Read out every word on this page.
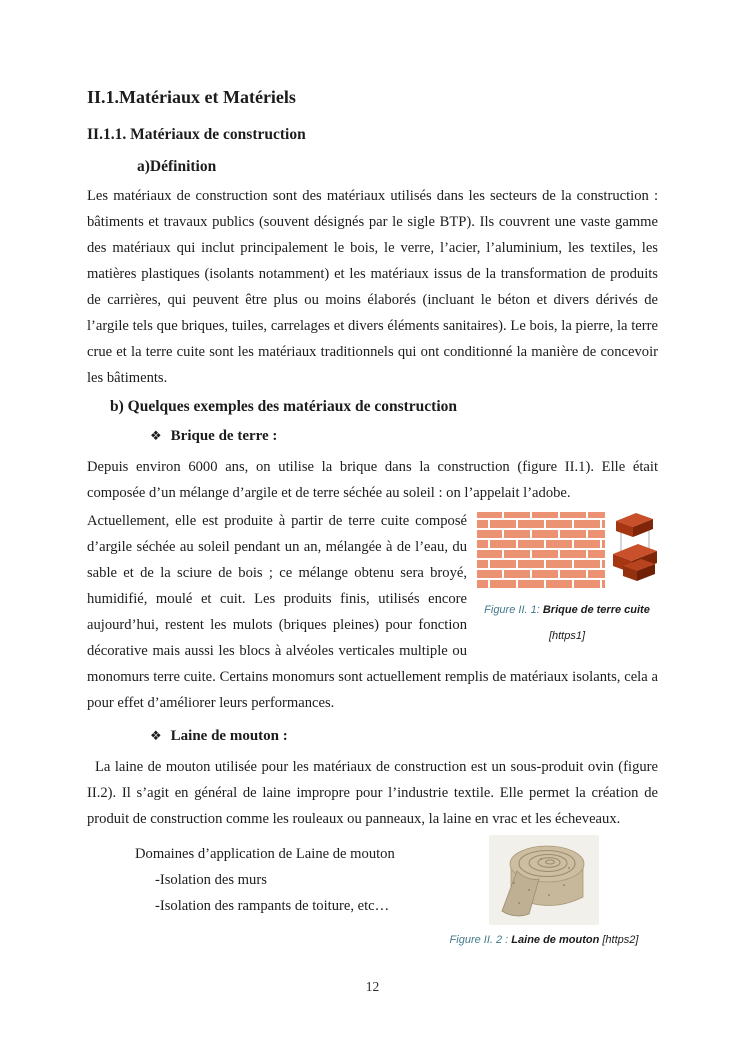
II.1.Matériaux et Matériels
II.1.1. Matériaux de construction
a)Définition

Les matériaux de construction sont des matériaux utilisés dans les secteurs de la construction : bâtiments et travaux publics (souvent désignés par le sigle BTP). Ils couvrent une vaste gamme des matériaux qui inclut principalement le bois, le verre, l’acier, l’aluminium, les textiles, les matières plastiques (isolants notamment) et les matériaux issus de la transformation de produits de carrières, qui peuvent être plus ou moins élaborés (incluant le béton et divers dérivés de l’argile tels que briques, tuiles, carrelages et divers éléments sanitaires). Le bois, la pierre, la terre crue et la terre cuite sont les matériaux traditionnels qui ont conditionné la manière de concevoir les bâtiments.

b) Quelques exemples des matériaux de construction
❖ Brique de terre :

Depuis environ 6000 ans, on utilise la brique dans la construction (figure II.1). Elle était composée d’un mélange d’argile et de terre séchée au soleil : on l’appelait l’adobe.

Figure II. 1: Brique de terre cuite
[https1]
Actuellement, elle est produite à partir de terre cuite composé d’argile séchée au soleil pendant un an, mélangée à de l’eau, du sable et de la sciure de bois ; ce mélange obtenu sera broyé, humidifié, moulé et cuit. Les produits finis, utilisés encore aujourd’hui, restent les mulots (briques pleines) pour fonction décorative mais aussi les blocs à alvéoles verticales multiple ou monomurs terre cuite. Certains monomurs sont actuellement remplis de matériaux isolants, cela a pour effet d’améliorer leurs performances.
❖ Laine de mouton :

La laine de mouton utilisée pour les matériaux de construction est un sous-produit ovin (figure II.2). Il s’agit en général de laine impropre pour l’industrie textile. Elle permet la création de produit de construction comme les rouleaux ou panneaux, la laine en vrac et les écheveaux.

Figure II. 2 : Laine de mouton [https2]

Domaines d’application de Laine de mouton

-Isolation des murs

-Isolation des rampants de toiture, etc…

12
